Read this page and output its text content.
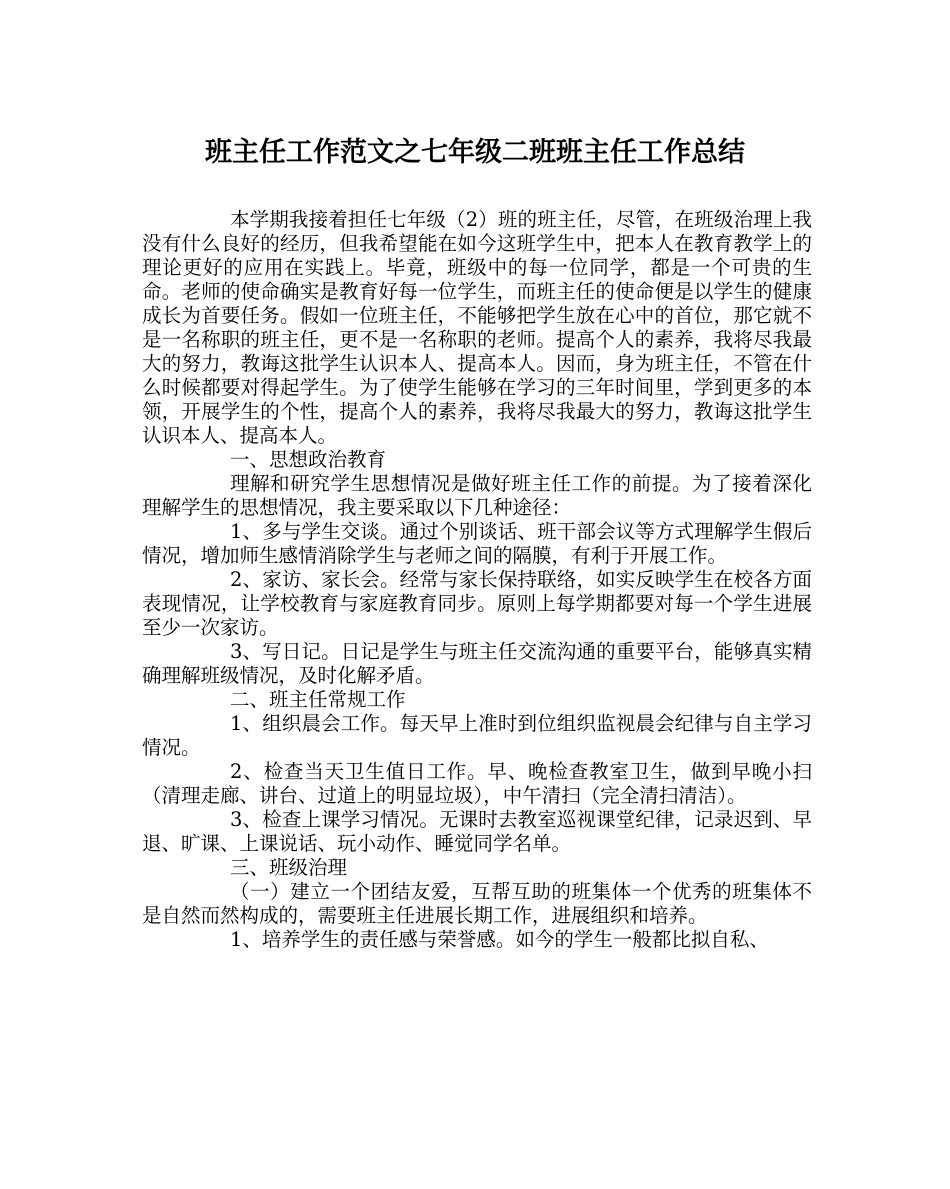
班主任工作范文之七年级二班班主任工作总结

本学期我接着担任七年级（2）班的班主任，尽管，在班级治理上我没有什么良好的经历，但我希望能在如今这班学生中，把本人在教育教学上的理论更好的应用在实践上。毕竟，班级中的每一位同学，都是一个可贵的生命。老师的使命确实是教育好每一位学生，而班主任的使命便是以学生的健康成长为首要任务。假如一位班主任，不能够把学生放在心中的首位，那它就不是一名称职的班主任，更不是一名称职的老师。提高个人的素养，我将尽我最大的努力，教诲这批学生认识本人、提高本人。因而，身为班主任，不管在什么时候都要对得起学生。为了使学生能够在学习的三年时间里，学到更多的本领，开展学生的个性，提高个人的素养，我将尽我最大的努力，教诲这批学生认识本人、提高本人。

一、思想政治教育

理解和研究学生思想情况是做好班主任工作的前提。为了接着深化理解学生的思想情况，我主要采取以下几种途径：

1、多与学生交谈。通过个别谈话、班干部会议等方式理解学生假后情况，增加师生感情消除学生与老师之间的隔膜，有利于开展工作。

2、家访、家长会。经常与家长保持联络，如实反映学生在校各方面表现情况，让学校教育与家庭教育同步。原则上每学期都要对每一个学生进展至少一次家访。

3、写日记。日记是学生与班主任交流沟通的重要平台，能够真实精确理解班级情况，及时化解矛盾。

二、班主任常规工作

1、组织晨会工作。每天早上准时到位组织监视晨会纪律与自主学习情况。

2、检查当天卫生值日工作。早、晚检查教室卫生，做到早晚小扫（清理走廊、讲台、过道上的明显垃圾），中午清扫（完全清扫清洁）。

3、检查上课学习情况。无课时去教室巡视课堂纪律，记录迟到、早退、旷课、上课说话、玩小动作、睡觉同学名单。

三、班级治理

（一）建立一个团结友爱，互帮互助的班集体一个优秀的班集体不是自然而然构成的，需要班主任进展长期工作，进展组织和培养。

1、培养学生的责任感与荣誉感。如今的学生一般都比拟自私、
